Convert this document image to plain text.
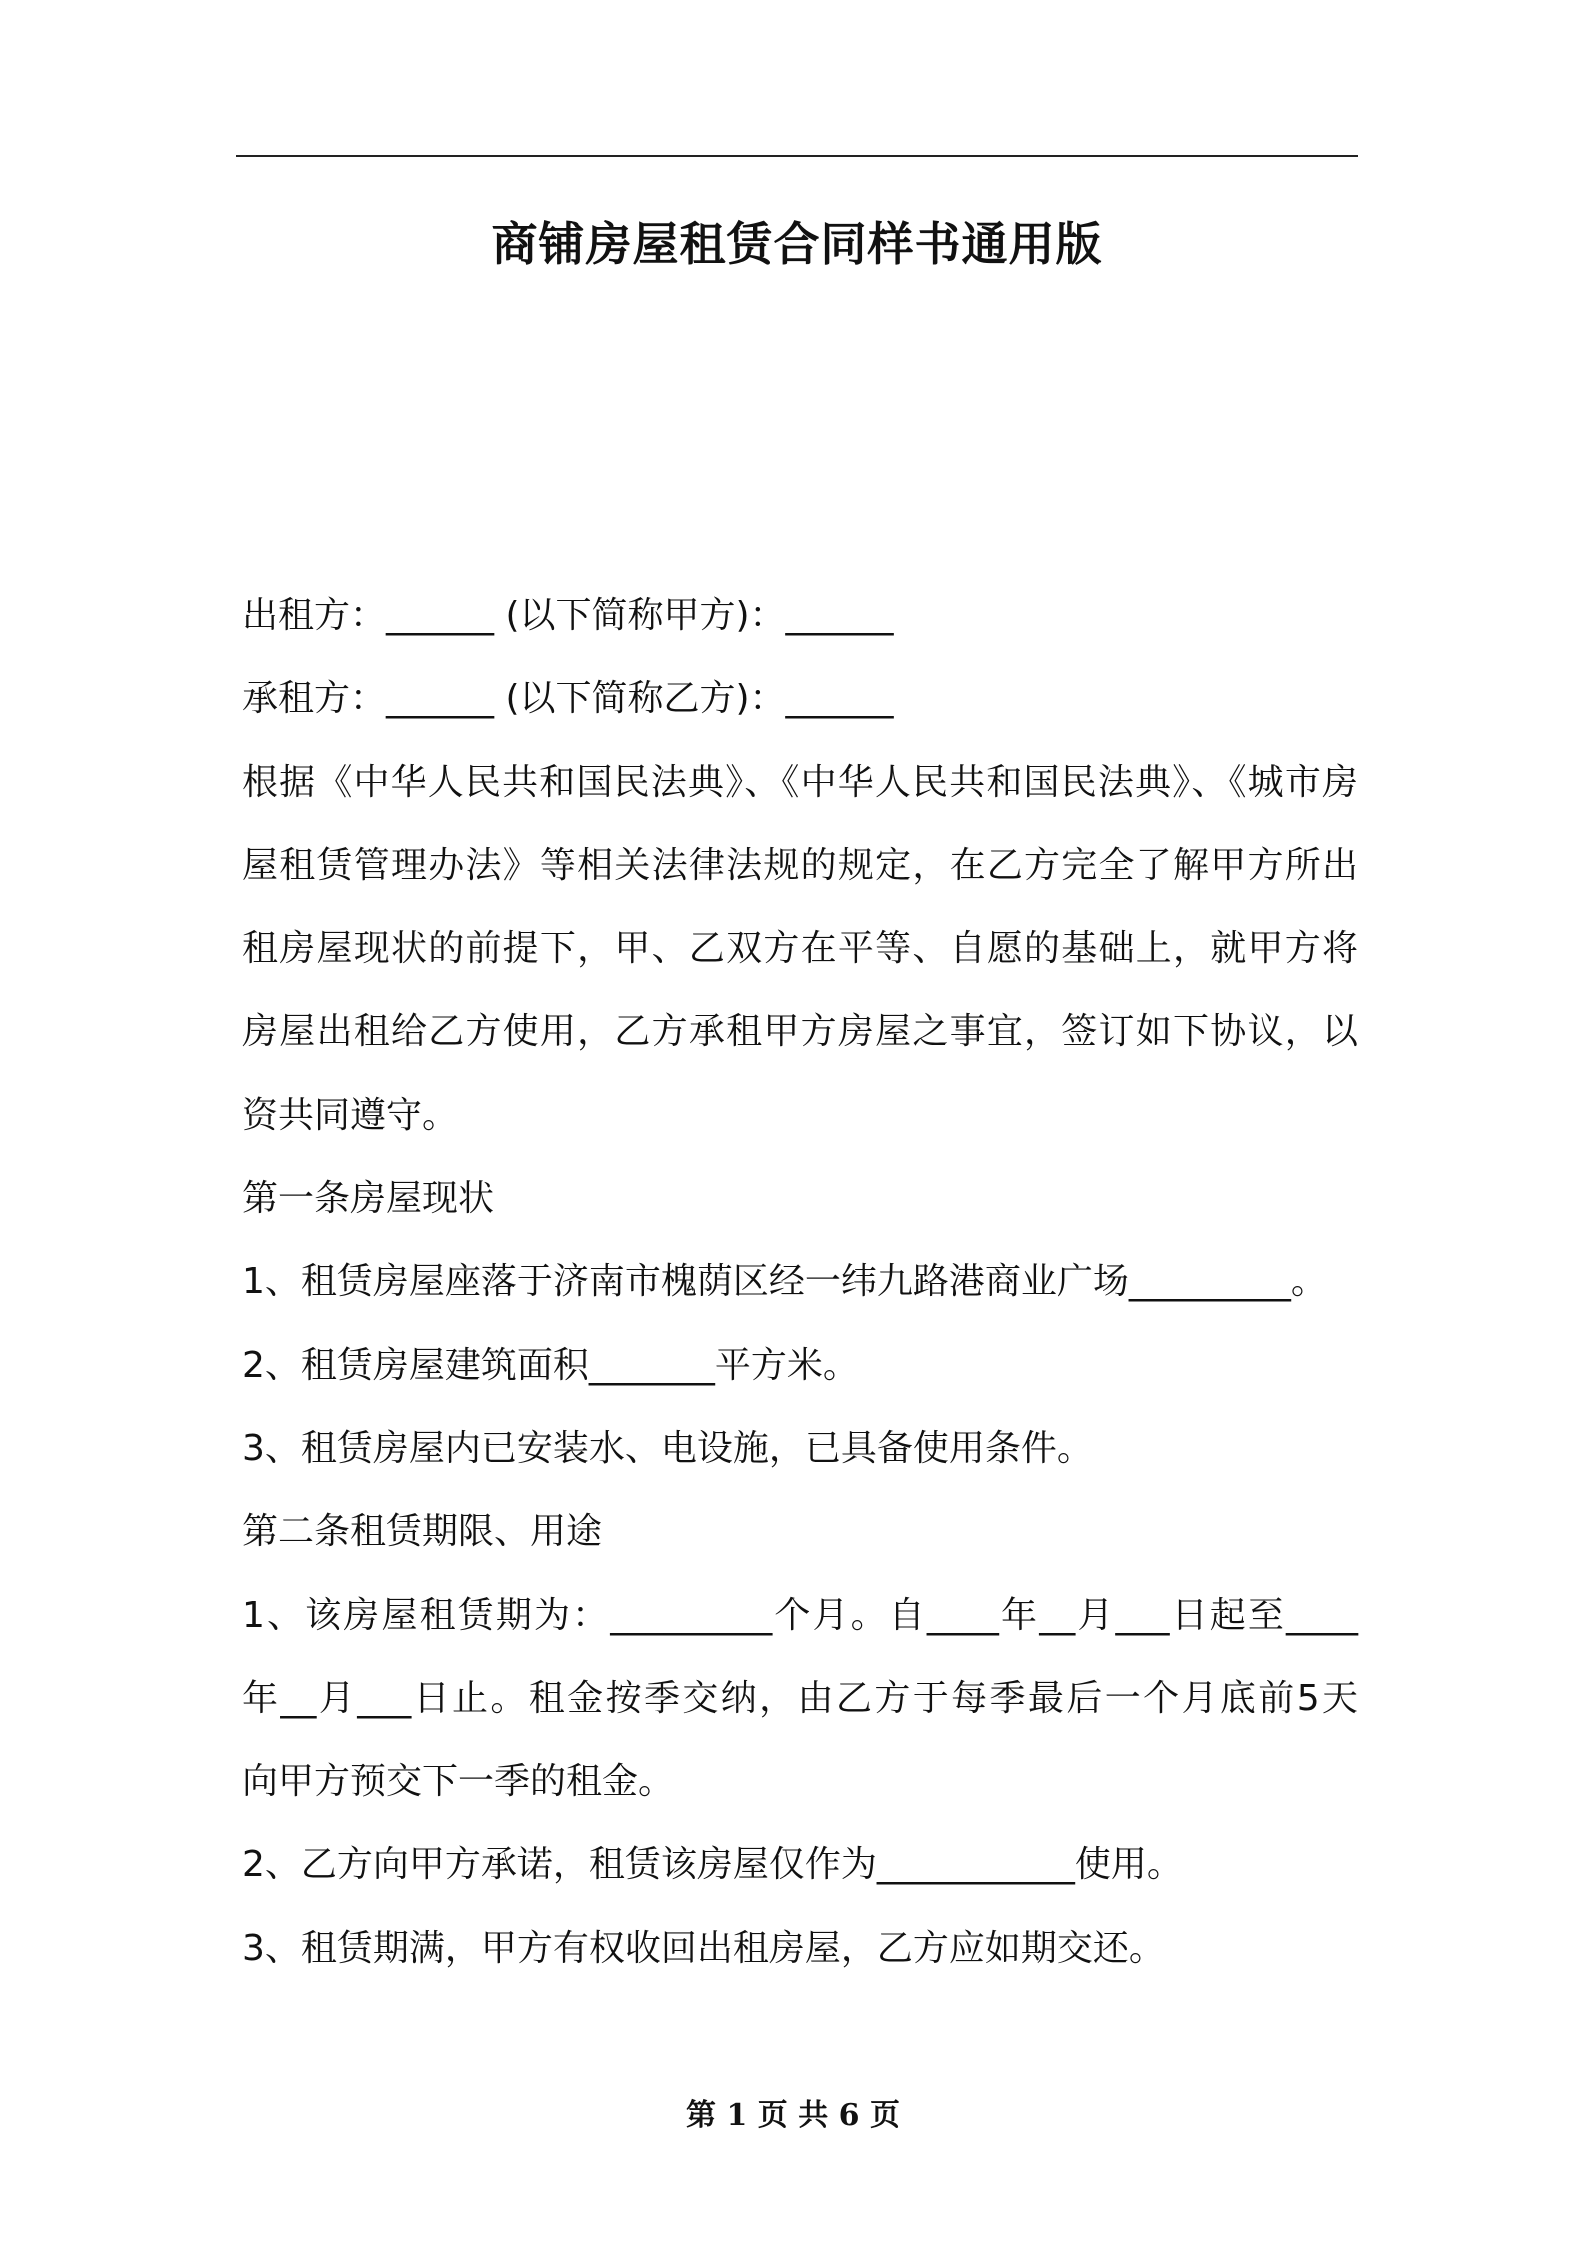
商铺房屋租赁合同样书通用版
出租方：______ (以下简称甲方)：______
承租方：______ (以下简称乙方)：______
根据《中华人民共和国民法典》、《中华人民共和国民法典》、《城市房
屋租赁管理办法》等相关法律法规的规定，在乙方完全了解甲方所出
租房屋现状的前提下，甲、乙双方在平等、自愿的基础上，就甲方将
房屋出租给乙方使用，乙方承租甲方房屋之事宜，签订如下协议，以
资共同遵守。
第一条房屋现状
1、租赁房屋座落于济南市槐荫区经一纬九路港商业广场_________。
2、租赁房屋建筑面积_______平方米。
3、租赁房屋内已安装水、电设施，已具备使用条件。
第二条租赁期限、用途
1、该房屋租赁期为：_________个月。自____年__月___日起至____
年__月___日止。租金按季交纳，由乙方于每季最后一个月底前5天
向甲方预交下一季的租金。
2、乙方向甲方承诺，租赁该房屋仅作为___________使用。
3、租赁期满，甲方有权收回出租房屋，乙方应如期交还。
第 1 页 共 6 页
